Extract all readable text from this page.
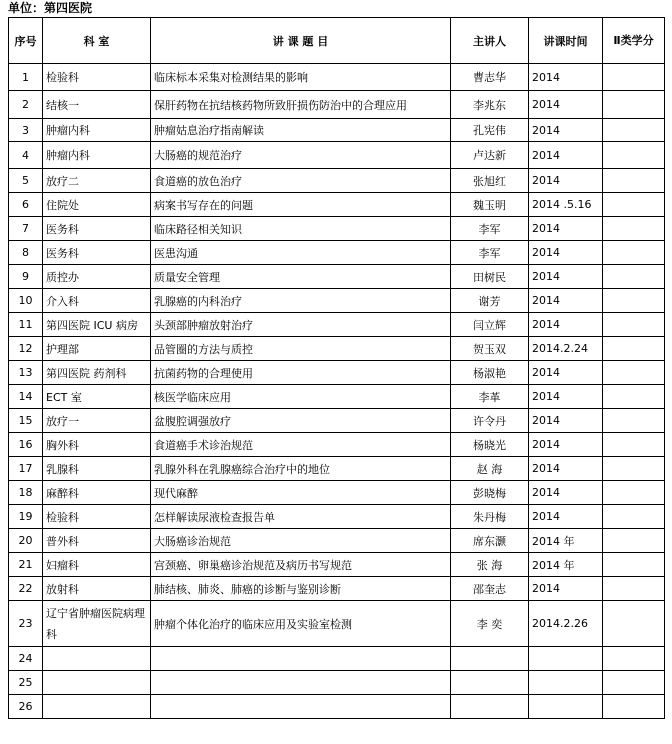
单位：第四医院
序号	科 室	讲 课 题 目	主讲人	讲课时间	Ⅱ类学分
1	检验科	临床标本采集对检测结果的影响	曹志华	2014	
2	结核一	保肝药物在抗结核药物所致肝损伤防治中的合理应用	李兆东	2014	
3	肿瘤内科	肿瘤姑息治疗指南解读	孔宪伟	2014	
4	肿瘤内科	大肠癌的规范治疗	卢达新	2014	
5	放疗二	食道癌的放色治疗	张旭红	2014	
6	住院处	病案书写存在的问题	魏玉明	2014 .5.16	
7	医务科	临床路径相关知识	李军	2014	
8	医务科	医患沟通	李军	2014	
9	质控办	质量安全管理	田树民	2014	
10	介入科	乳腺癌的内科治疗	谢芳	2014	
11	第四医院 ICU 病房	头颈部肿瘤放射治疗	闫立辉	2014	
12	护理部	品管圈的方法与质控	贺玉双	2014.2.24	
13	第四医院 药剂科	抗菌药物的合理使用	杨淑艳	2014	
14	ECT 室	核医学临床应用	李革	2014	
15	放疗一	盆腹腔调强放疗	许令丹	2014	
16	胸外科	食道癌手术诊治规范	杨晓光	2014	
17	乳腺科	乳腺外科在乳腺癌综合治疗中的地位	赵 海	2014	
18	麻醉科	现代麻醉	彭晓梅	2014	
19	检验科	怎样解读尿液检查报告单	朱丹梅	2014	
20	普外科	大肠癌诊治规范	席东灏	2014 年	
21	妇瘤科	宫颈癌、卵巢癌诊治规范及病历书写规范	张 海	2014 年	
22	放射科	肺结核、肺炎、肺癌的诊断与鉴别诊断	邵奎志	2014	
23	辽宁省肿瘤医院病理科	肿瘤个体化治疗的临床应用及实验室检测	李 奕	2014.2.26	
24					
25					
26					
